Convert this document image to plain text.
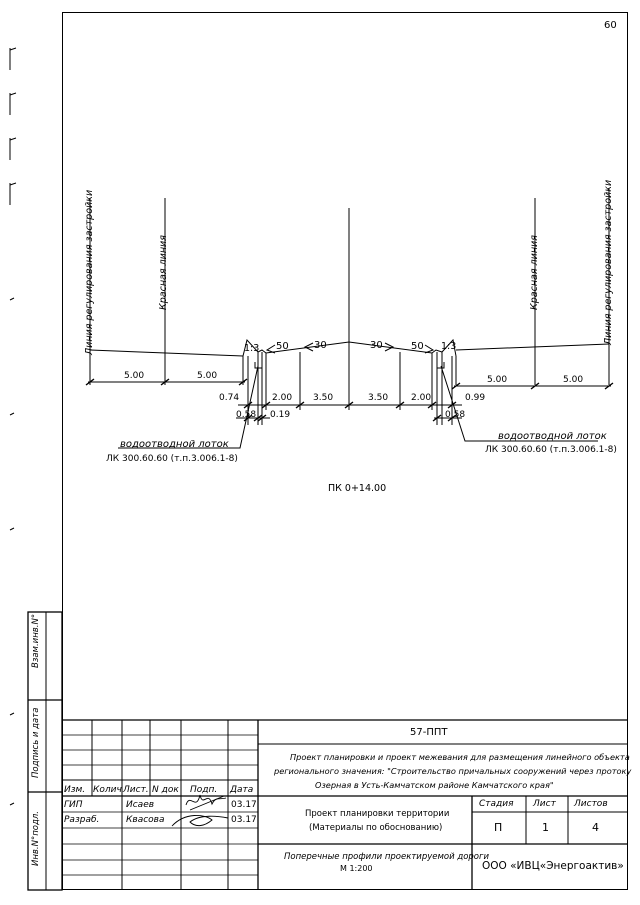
60
Линия регулирования застройки	Красная линия	Красная линия	Линия регулирования застройки
1:3 50	30	30	50 1:3
5.00	5.00	5.00	5.00
0.74	2.00 3.50	3.50	2.00	0.99
0.58 0.19	0.58
водоотводной лоток
ЛК 300.60.60 (т.п.3.006.1-8)
водоотводной лоток
ЛК 300.60.60 (т.п.3.006.1-8)
ПК 0+14.00
Взам.инв.N°
Подпись и дата
Инв.N°подл.
57-ППТ
Проект планировки и проект межевания для размещения линейного объекта
регионального значения: "Строительство причальных сооружений через протоку
Озерная в Усть-Камчатском районе Камчатского края"
Изм. Колич Лист. N док Подп. Дата
ГИП	Исаев	03.17
Разраб.	Квасова	03.17
Проект планировки территории
(Материалы по обоснованию)
Стадия Лист Листов
П	1	4
Поперечные профили проектируемой дороги
М 1:200	ООО «ИВЦ«Энергоактив»
